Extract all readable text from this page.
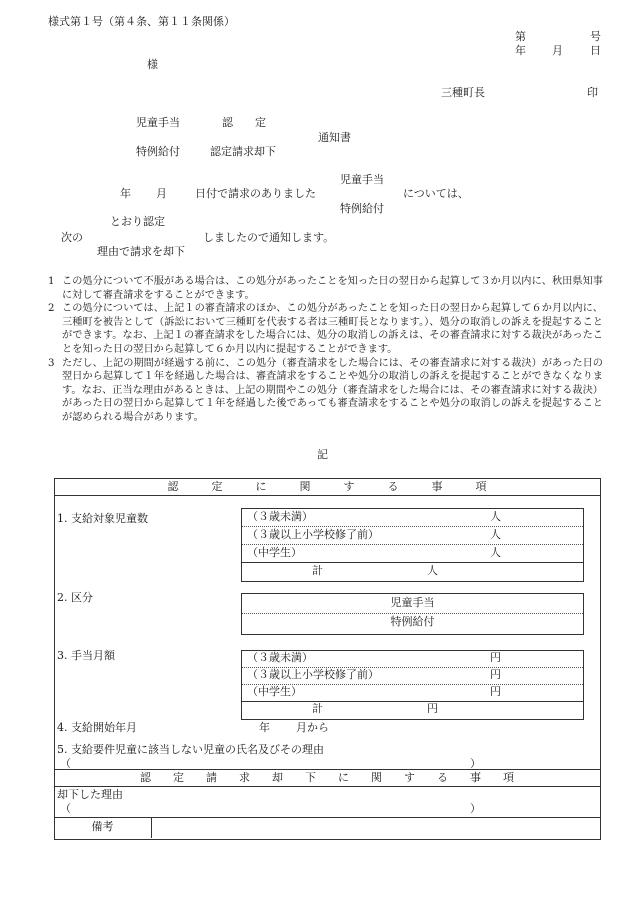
様式第１号（第４条、第１１条関係）
第	号
年 月 日
様
三種町長	印
児童手当	認　　定
通知書
特例給付	認定請求却下
児童手当
年 月	日付で請求のありました	については、
特例給付
とおり認定
次の	しましたので通知します。
理由で請求を却下
1 この処分について不服がある場合は、この処分があったことを知った日の翌日から起算して３か月以内に、秋田県知事に対して審査請求をすることができます。
2 この処分については、上記１の審査請求のほか、この処分があったことを知った日の翌日から起算して６か月以内に、三種町を被告として（訴訟において三種町を代表する者は三種町長となります。）、処分の取消しの訴えを提起することができます。なお、上記１の審査請求をした場合には、処分の取消しの訴えは、その審査請求に対する裁決があったことを知った日の翌日から起算して６か月以内に提起することができます。
3 ただし、上記の期間が経過する前に、この処分（審査請求をした場合には、その審査請求に対する裁決）があった日の翌日から起算して１年を経過した場合は、審査請求をすることや処分の取消しの訴えを提起することができなくなります。なお、正当な理由があるときは、上記の期間やこの処分（審査請求をした場合には、その審査請求に対する裁決）があった日の翌日から起算して１年を経過した後であっても審査請求をすることや処分の取消しの訴えを提起することが認められる場合があります。
記
認　　　定　　　に　　　関　　　す　　　る　　　事　　　項
1. 支給対象児童数	（３歳未満）	人
（３歳以上小学校修了前）	人
（中学生）	人
計	人
2. 区分	児童手当
特例給付
3. 手当月額	（３歳未満）	円
（３歳以上小学校修了前）	円
（中学生）	円
計	円
4. 支給開始年月	年 月から
5. 支給要件児童に該当しない児童の氏名及びその理由
（	）
認　　定　　請　　求　　却　　下　　に　　関　　す　　る　　事　　項
却下した理由
（	）
備考
